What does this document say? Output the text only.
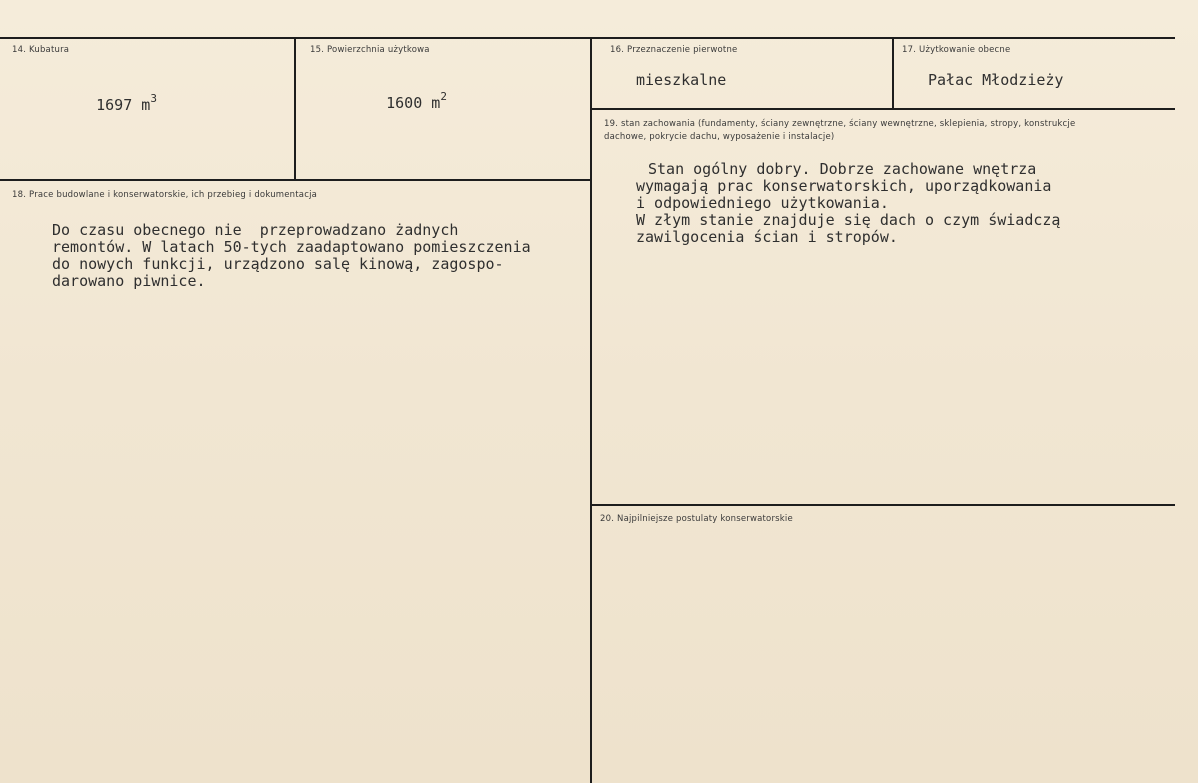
14. Kubatura

1697 $m^3$

15. Powierzchnia użytkowa

1600 $m^2$

16. Przeznaczenie pierwotne
mieszkalne
17. Użytkowanie obecne
Pałac Młodzieży
18. Prace budowlane i konserwatorskie, ich przebieg i dokumentacja
Do czasu obecnego nie  przeprowadzano żadnych
remontów. W latach 50-tych zaadaptowano pomieszczenia
do nowych funkcji, urządzono salę kinową, zagospo-
darowano piwnice.
19. stan zachowania (fundamenty, ściany zewnętrzne, ściany wewnętrzne, sklepienia, stropy, konstrukcje dachowe, pokrycie dachu, wyposażenie i instalacje)
Stan ogólny dobry. Dobrze zachowane wnętrza
wymagają prac konserwatorskich, uporządkowania
i odpowiedniego użytkowania.
W złym stanie znajduje się dach o czym świadczą
zawilgocenia ścian i stropów.
20. Najpilniejsze postulaty konserwatorskie
